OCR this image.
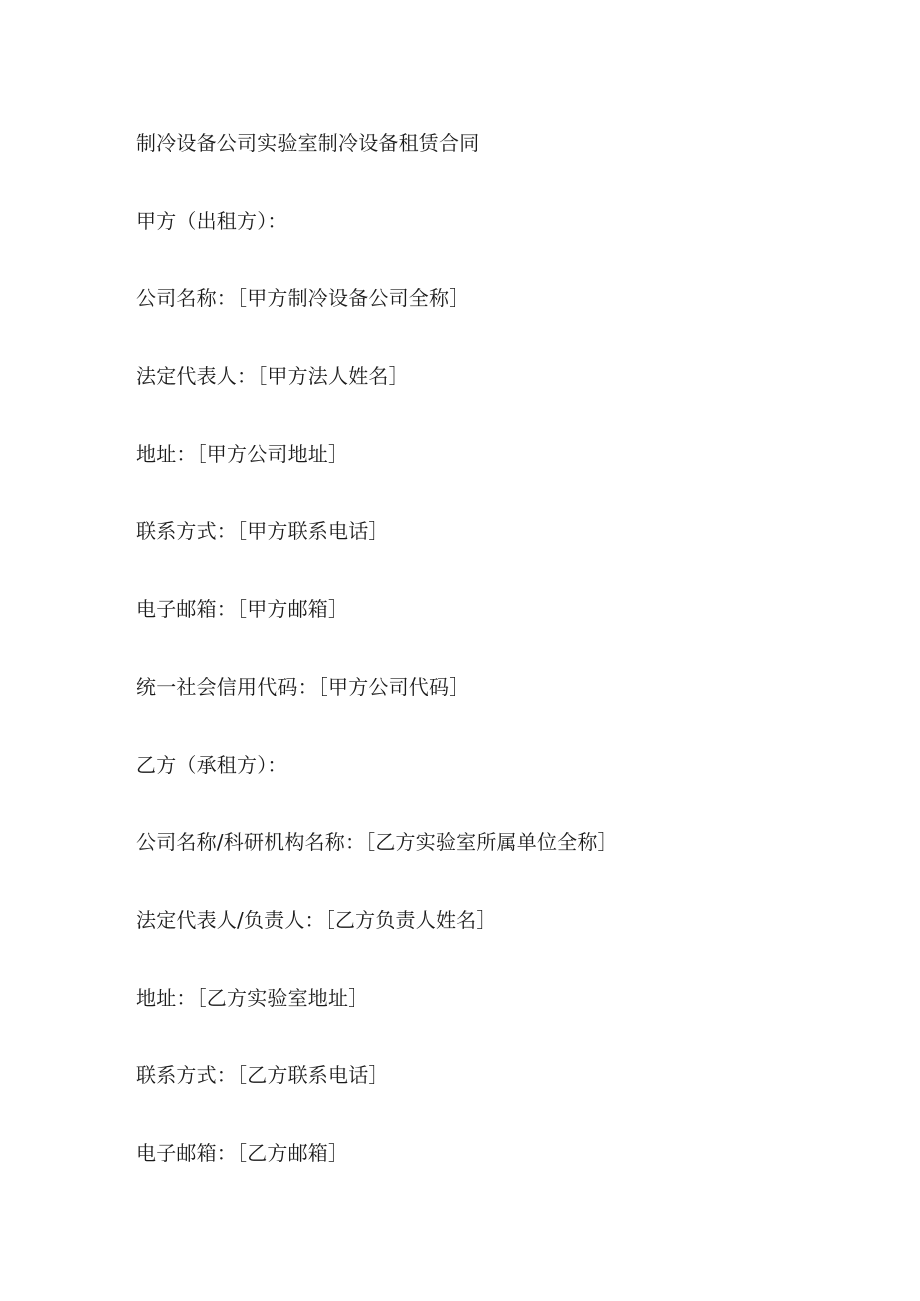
制冷设备公司实验室制冷设备租赁合同
甲方（出租方）：
公司名称：［甲方制冷设备公司全称］
法定代表人：［甲方法人姓名］
地址：［甲方公司地址］
联系方式：［甲方联系电话］
电子邮箱：［甲方邮箱］
统一社会信用代码：［甲方公司代码］
乙方（承租方）：
公司名称/科研机构名称：［乙方实验室所属单位全称］
法定代表人/负责人：［乙方负责人姓名］
地址：［乙方实验室地址］
联系方式：［乙方联系电话］
电子邮箱：［乙方邮箱］
